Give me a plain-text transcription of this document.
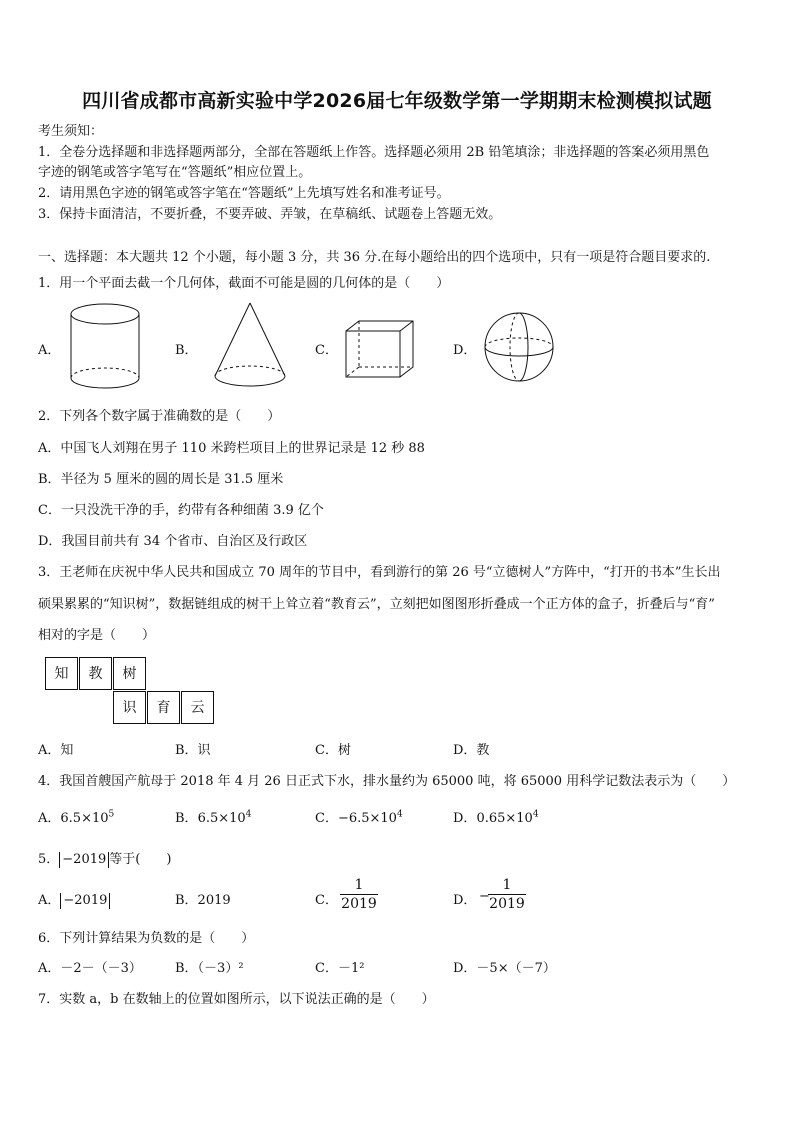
四川省成都市高新实验中学2026届七年级数学第一学期期末检测模拟试题
考生须知：
1．全卷分选择题和非选择题两部分，全部在答题纸上作答。选择题必须用 2B 铅笔填涂；非选择题的答案必须用黑色
字迹的钢笔或答字笔写在“答题纸”相应位置上。
2．请用黑色字迹的钢笔或答字笔在“答题纸”上先填写姓名和准考证号。
3．保持卡面清洁，不要折叠，不要弄破、弄皱，在草稿纸、试题卷上答题无效。
一、选择题：本大题共 12 个小题，每小题 3 分，共 36 分.在每小题给出的四个选项中，只有一项是符合题目要求的.
1．用一个平面去截一个几何体，截面不可能是圆的几何体的是（　　）
A．	B．	C．	D．
2．下列各个数字属于准确数的是（　　）
A．中国飞人刘翔在男子 110 米跨栏项目上的世界记录是 12 秒 88
B．半径为 5 厘米的圆的周长是 31.5 厘米
C．一只没洗干净的手，约带有各种细菌 3.9 亿个
D．我国目前共有 34 个省市、自治区及行政区
3．王老师在庆祝中华人民共和国成立 70 周年的节目中，看到游行的第 26 号“立德树人”方阵中，“打开的书本”生长出
硕果累累的“知识树”，数据链组成的树干上耸立着“教育云”，立刻把如图图形折叠成一个正方体的盒子，折叠后与“育”
相对的字是（　　）
知	教	树
识	育	云
A．知	B．识	C．树	D．教
4．我国首艘国产航母于 2018 年 4 月 26 日正式下水，排水量约为 65000 吨，将 65000 用科学记数法表示为（　　）
A．$6.5\times 10^5$	B．$6.5\times 10^4$	C．$-6.5\times 10^4$	D．$0.65\times 10^4$
5． −2019 等于(　　)
A． −2019	B．2019	C． $\frac{1}{2019}$	D． −
$\frac{1}{2019}$
6．下列计算结果为负数的是（　　）
A．－2－（－3）	B．（－3）²	C．－1²	D．－5×（－7）
7．实数 a，b 在数轴上的位置如图所示，以下说法正确的是（　　）
